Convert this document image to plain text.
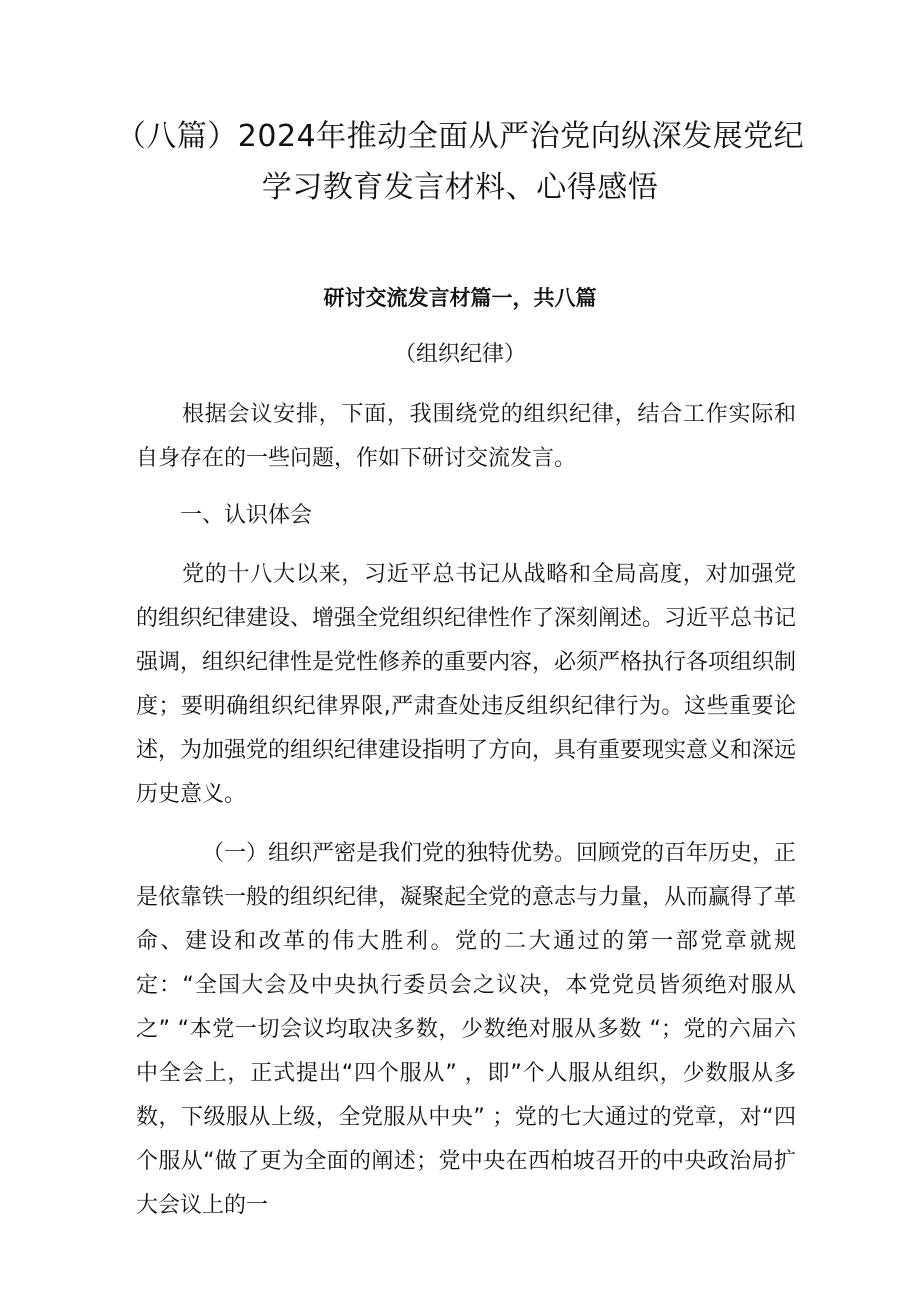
（八篇）2024年推动全面从严治党向纵深发展党纪
学习教育发言材料、心得感悟
研讨交流发言材篇一，共八篇
（组织纪律）

根据会议安排，下面，我围绕党的组织纪律，结合工作实际和自身存在的一些问题，作如下研讨交流发言。

一、认识体会

党的十八大以来，习近平总书记从战略和全局高度，对加强党的组织纪律建设、增强全党组织纪律性作了深刻阐述。习近平总书记强调，组织纪律性是党性修养的重要内容，必须严格执行各项组织制度；要明确组织纪律界限,严肃查处违反组织纪律行为。这些重要论述，为加强党的组织纪律建设指明了方向，具有重要现实意义和深远历史意义。

（一）组织严密是我们党的独特优势。回顾党的百年历史，正是依靠铁一般的组织纪律，凝聚起全党的意志与力量，从而赢得了革命、建设和改革的伟大胜利。党的二大通过的第一部党章就规定：“全国大会及中央执行委员会之议决，本党党员皆须绝对服从之” “本党一切会议均取决多数，少数绝对服从多数 “；党的六届六中全会上，正式提出“四个服从” ，即”个人服从组织，少数服从多数，下级服从上级，全党服从中央” ；党的七大通过的党章，对“四个服从“做了更为全面的阐述；党中央在西柏坡召开的中央政治局扩大会议上的一
